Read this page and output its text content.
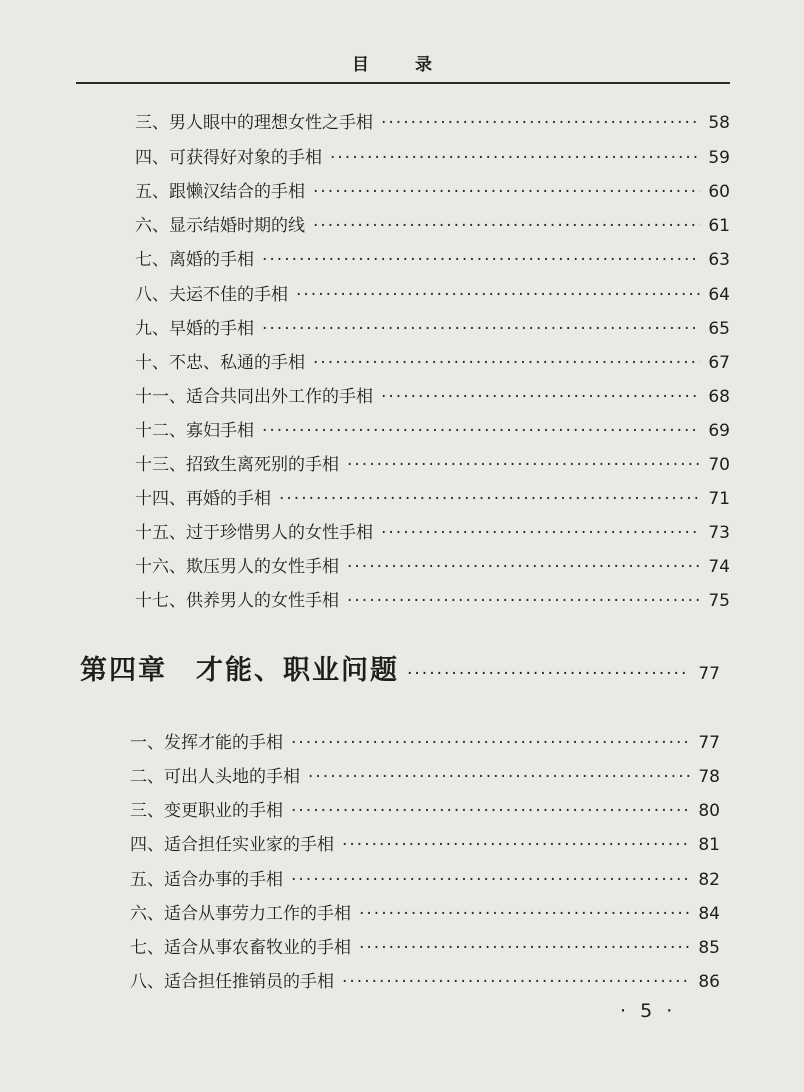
目 录
三、男人眼中的理想女性之手相 ·····	58
四、可获得好对象的手相 ·····	59
五、跟懒汉结合的手相 ·····	60
六、显示结婚时期的线 ·····	61
七、离婚的手相 ·····	63
八、夫运不佳的手相 ·····	64
九、早婚的手相 ·····	65
十、不忠、私通的手相 ·····	67
十一、适合共同出外工作的手相 ·····	68
十二、寡妇手相 ·····	69
十三、招致生离死别的手相 ·····	70
十四、再婚的手相 ·····	71
十五、过于珍惜男人的女性手相 ·····	73
十六、欺压男人的女性手相 ·····	74
十七、供养男人的女性手相 ·····	75
第四章　才能、职业问题 ·····	77
一、发挥才能的手相 ·····	77
二、可出人头地的手相 ·····	78
三、变更职业的手相 ·····	80
四、适合担任实业家的手相 ·····	81
五、适合办事的手相 ·····	82
六、适合从事劳力工作的手相 ·····	84
七、适合从事农畜牧业的手相 ·····	85
八、适合担任推销员的手相 ·····	86
· 5 ·
